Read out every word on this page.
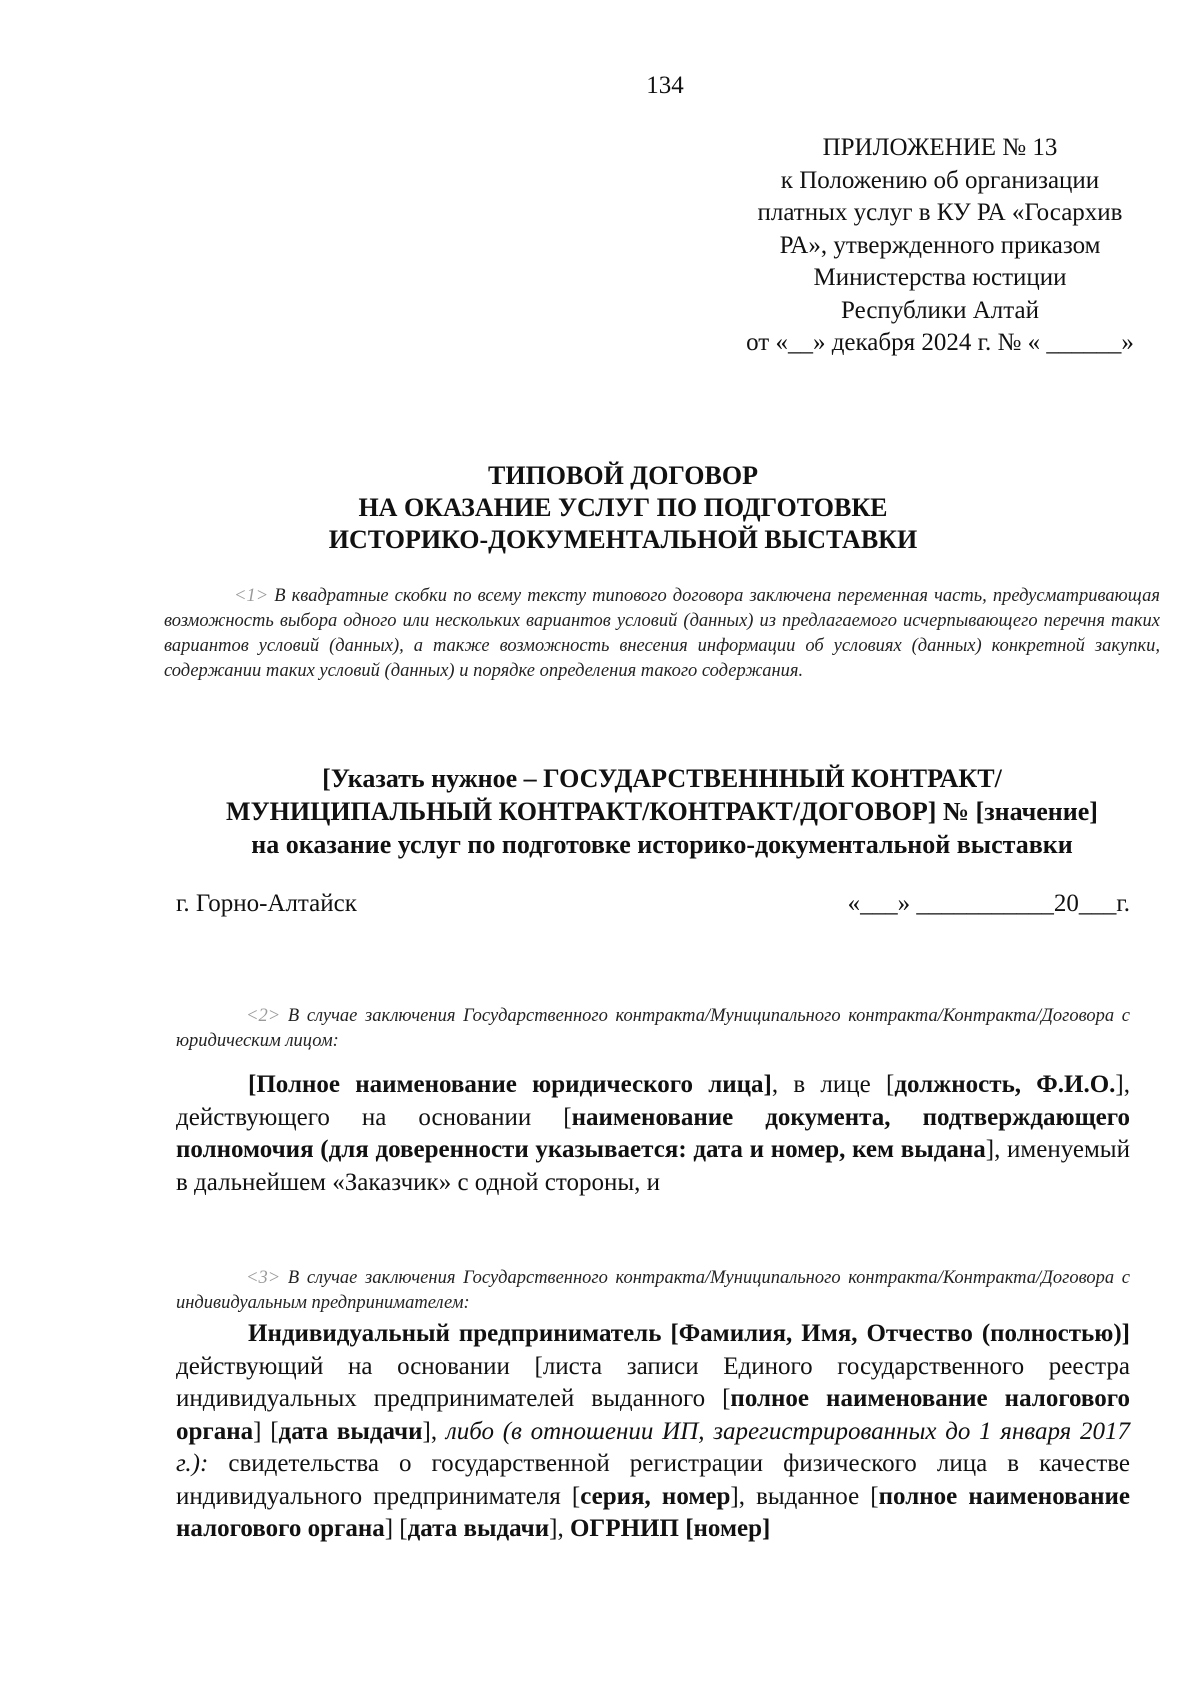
134
ПРИЛОЖЕНИЕ № 13
к Положению об организации
платных услуг в КУ РА «Госархив
РА», утвержденного приказом
Министерства юстиции
Республики Алтай
от «__» декабря 2024 г. № « ______»
ТИПОВОЙ ДОГОВОР
НА ОКАЗАНИЕ УСЛУГ ПО ПОДГОТОВКЕ
ИСТОРИКО-ДОКУМЕНТАЛЬНОЙ ВЫСТАВКИ
<1> В квадратные скобки по всему тексту типового договора заключена переменная часть, предусматривающая возможность выбора одного или нескольких вариантов условий (данных) из предлагаемого исчерпывающего перечня таких вариантов условий (данных), а также возможность внесения информации об условиях (данных) конкретной закупки, содержании таких условий (данных) и порядке определения такого содержания.
[Указать нужное – ГОСУДАРСТВЕНННЫЙ КОНТРАКТ/
МУНИЦИПАЛЬНЫЙ КОНТРАКТ/КОНТРАКТ/ДОГОВОР] № [значение]
на оказание услуг по подготовке историко-документальной выставки
г. Горно-Алтайск	«___» ___________20___г.
<2> В случае заключения Государственного контракта/Муниципального контракта/Контракта/Договора с юридическим лицом:
[Полное наименование юридического лица], в лице [должность, Ф.И.О.], действующего на основании [наименование документа, подтверждающего полномочия (для доверенности указывается: дата и номер, кем выдана], именуемый в дальнейшем «Заказчик» с одной стороны, и
<3> В случае заключения Государственного контракта/Муниципального контракта/Контракта/Договора с индивидуальным предпринимателем:
Индивидуальный предприниматель [Фамилия, Имя, Отчество (полностью)] действующий на основании [листа записи Единого государственного реестра индивидуальных предпринимателей выданного [полное наименование налогового органа] [дата выдачи], либо (в отношении ИП, зарегистрированных до 1 января 2017 г.): свидетельства о государственной регистрации физического лица в качестве индивидуального предпринимателя [серия, номер], выданное [полное наименование налогового органа] [дата выдачи], ОГРНИП [номер]
